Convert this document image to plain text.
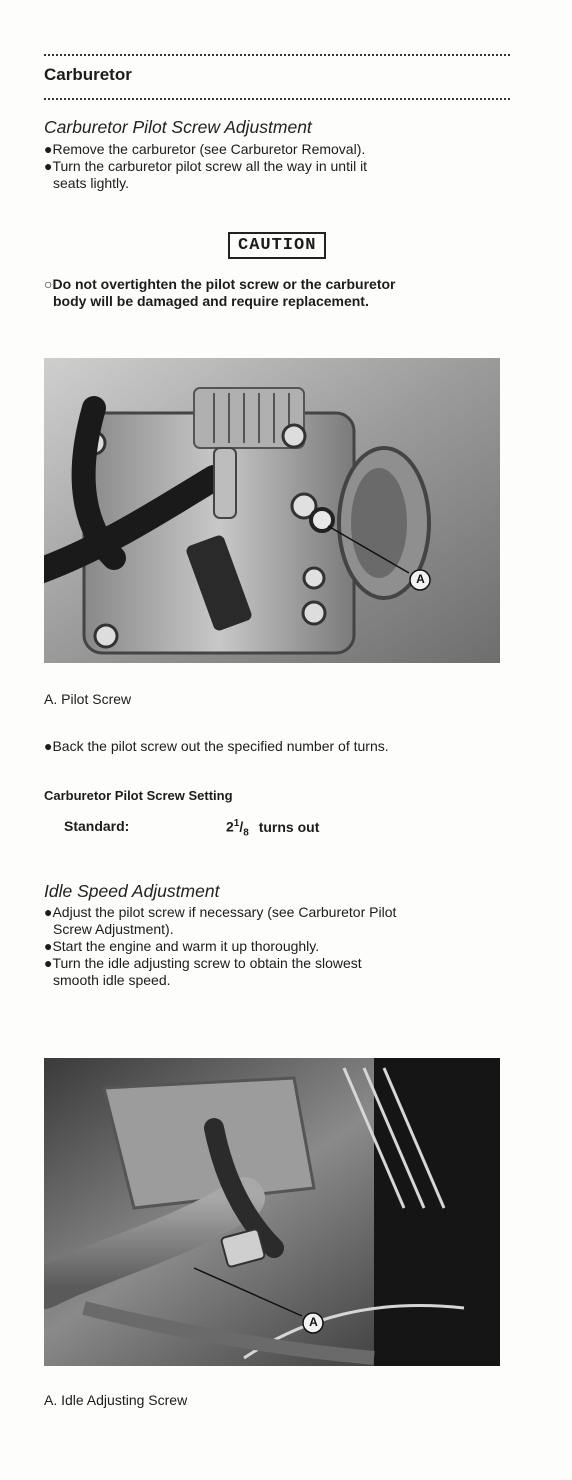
Carburetor
Carburetor Pilot Screw Adjustment
●Remove the carburetor (see Carburetor Removal).
●Turn the carburetor pilot screw all the way in until it
seats lightly.
CAUTION
○Do not overtighten the pilot screw or the carburetor
body will be damaged and require replacement.
A
A. Pilot Screw
●Back the pilot screw out the specified number of turns.
Carburetor Pilot Screw Setting
Standard:	$2^1/_8$ turns out
Idle Speed Adjustment
●Adjust the pilot screw if necessary (see Carburetor Pilot
Screw Adjustment).
●Start the engine and warm it up thoroughly.
●Turn the idle adjusting screw to obtain the slowest
smooth idle speed.
A
A. Idle Adjusting Screw
